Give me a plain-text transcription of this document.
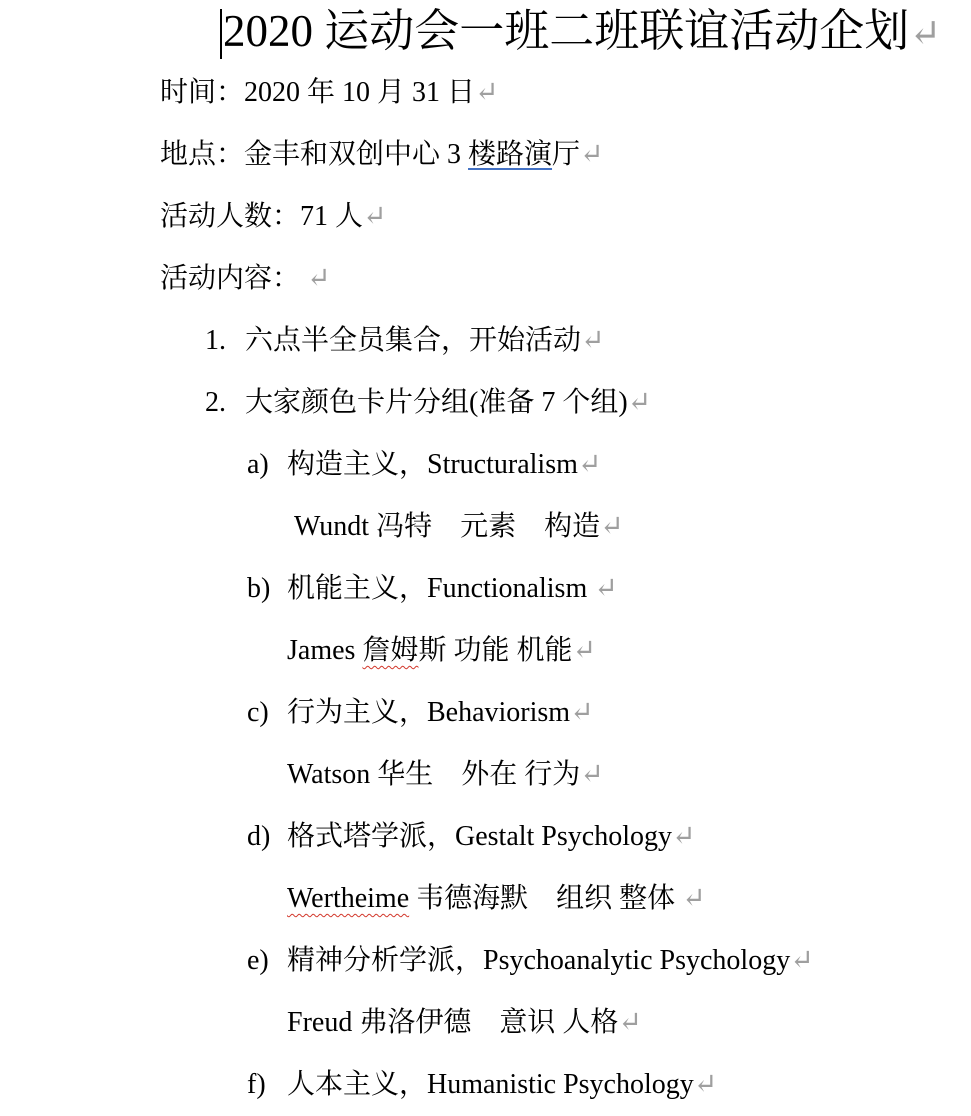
2020 运动会一班二班联谊活动企划↵
时间：2020 年 10 月 31 日↵
地点：金丰和双创中心 3 楼路演厅↵
活动人数：71 人↵
活动内容： ↵
1. 六点半全员集合，开始活动↵
2. 大家颜色卡片分组(准备 7 个组)↵
a) 构造主义，Structuralism↵
Wundt 冯特　元素　构造↵
b) 机能主义，Functionalism ↵
James 詹姆斯 功能 机能↵
c) 行为主义，Behaviorism↵
Watson 华生　外在 行为↵
d) 格式塔学派，Gestalt Psychology↵
Wertheime 韦德海默　组织 整体 ↵
e) 精神分析学派，Psychoanalytic Psychology↵
Freud 弗洛伊德　意识 人格↵
f) 人本主义，Humanistic Psychology↵
